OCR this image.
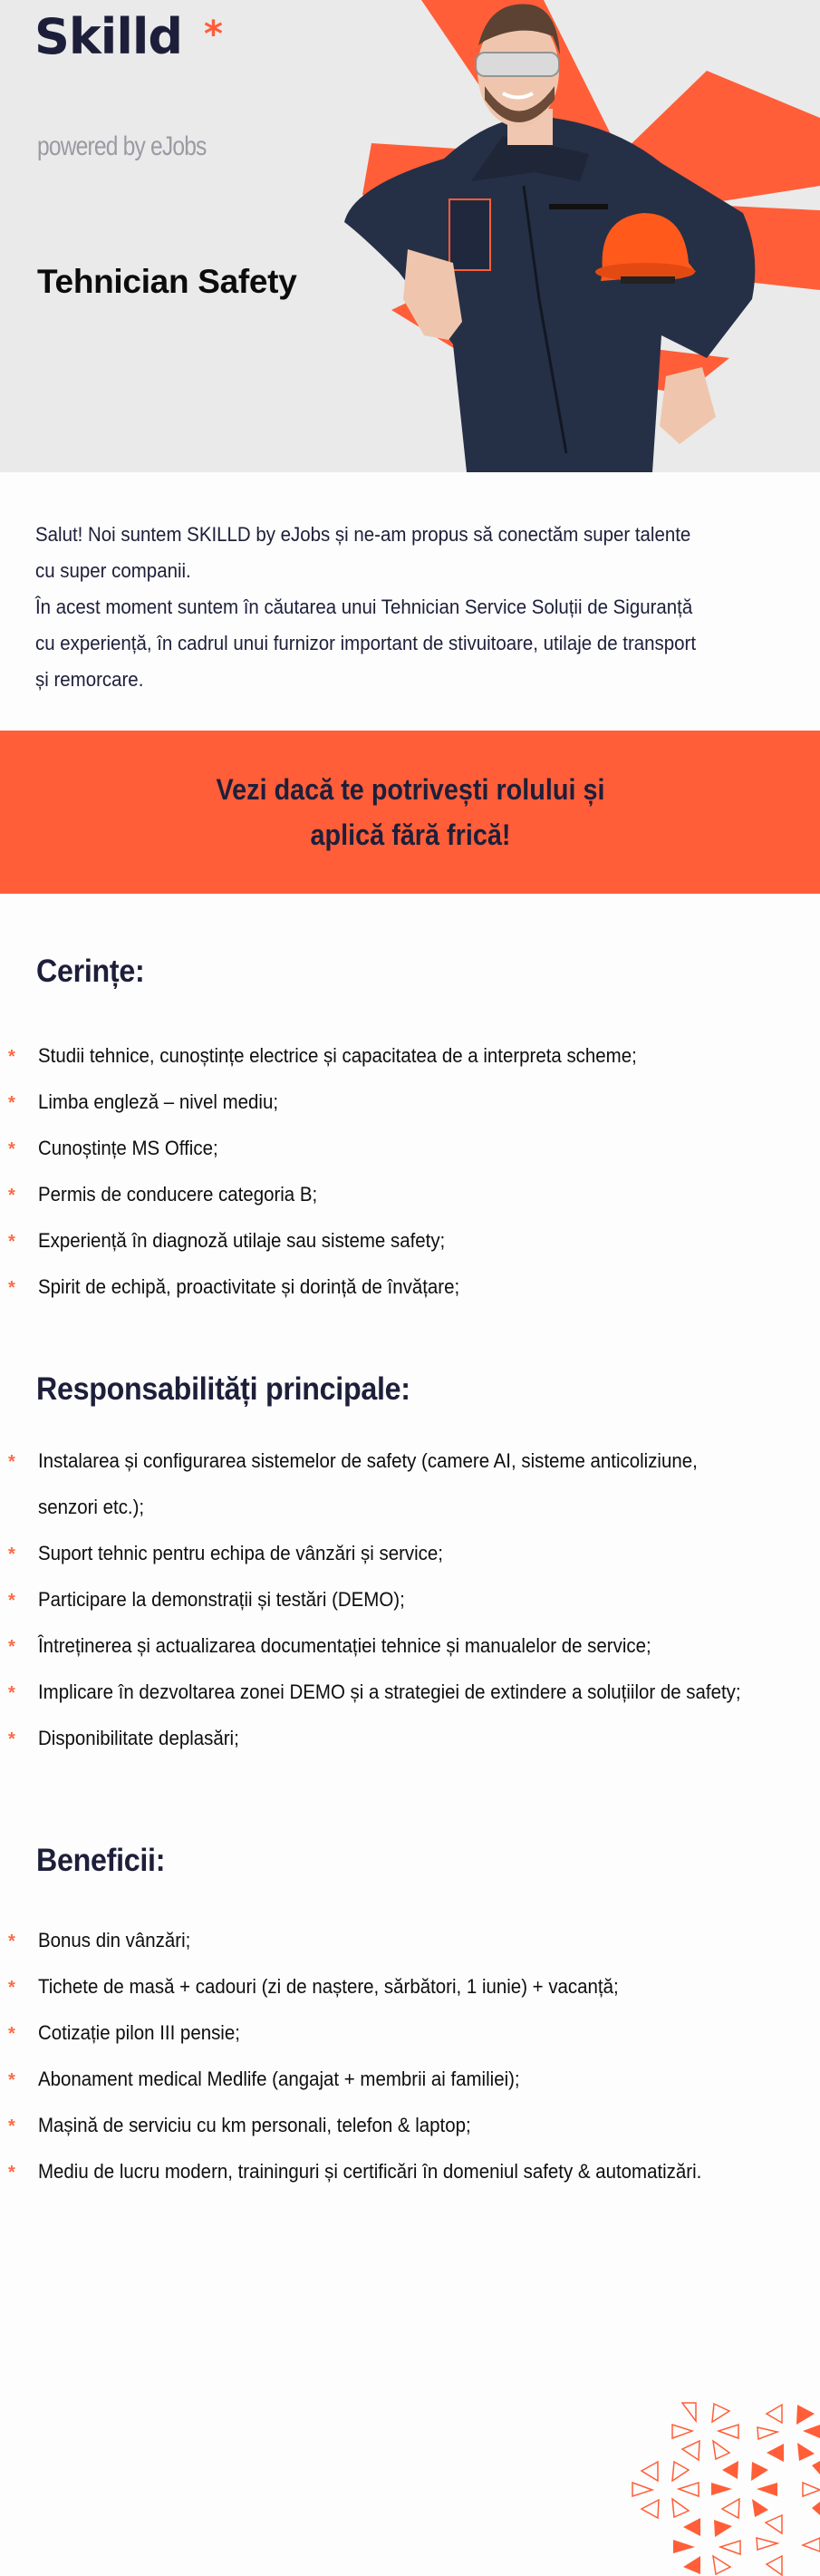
Skilld *
powered by eJobs
Tehnician Safety

Salut! Noi suntem SKILLD by eJobs și ne-am propus să conectăm super talente cu super companii.

În acest moment suntem în căutarea unui Tehnician Service Soluții de Siguranță cu experiență, în cadrul unui furnizor important de stivuitoare, utilaje de transport și remorcare.

Vezi dacă te potrivești rolului și aplică fără frică!
Cerințe:
* Studii tehnice, cunoștințe electrice și capacitatea de a interpreta scheme;
* Limba engleză – nivel mediu;
* Cunoștințe MS Office;
* Permis de conducere categoria B;
* Experiență în diagnoză utilaje sau sisteme safety;
* Spirit de echipă, proactivitate și dorință de învățare;
Responsabilități principale:
* Instalarea și configurarea sistemelor de safety (camere AI, sisteme anticoliziune, senzori etc.);
* Suport tehnic pentru echipa de vânzări și service;
* Participare la demonstrații și testări (DEMO);
* Întreținerea și actualizarea documentației tehnice și manualelor de service;
* Implicare în dezvoltarea zonei DEMO și a strategiei de extindere a soluțiilor de safety;
* Disponibilitate deplasări;
Beneficii:
* Bonus din vânzări;
* Tichete de masă + cadouri (zi de naștere, sărbători, 1 iunie) + vacanță;
* Cotizație pilon III pensie;
* Abonament medical Medlife (angajat + membrii ai familiei);
* Mașină de serviciu cu km personali, telefon & laptop;
* Mediu de lucru modern, traininguri și certificări în domeniul safety & automatizări.
